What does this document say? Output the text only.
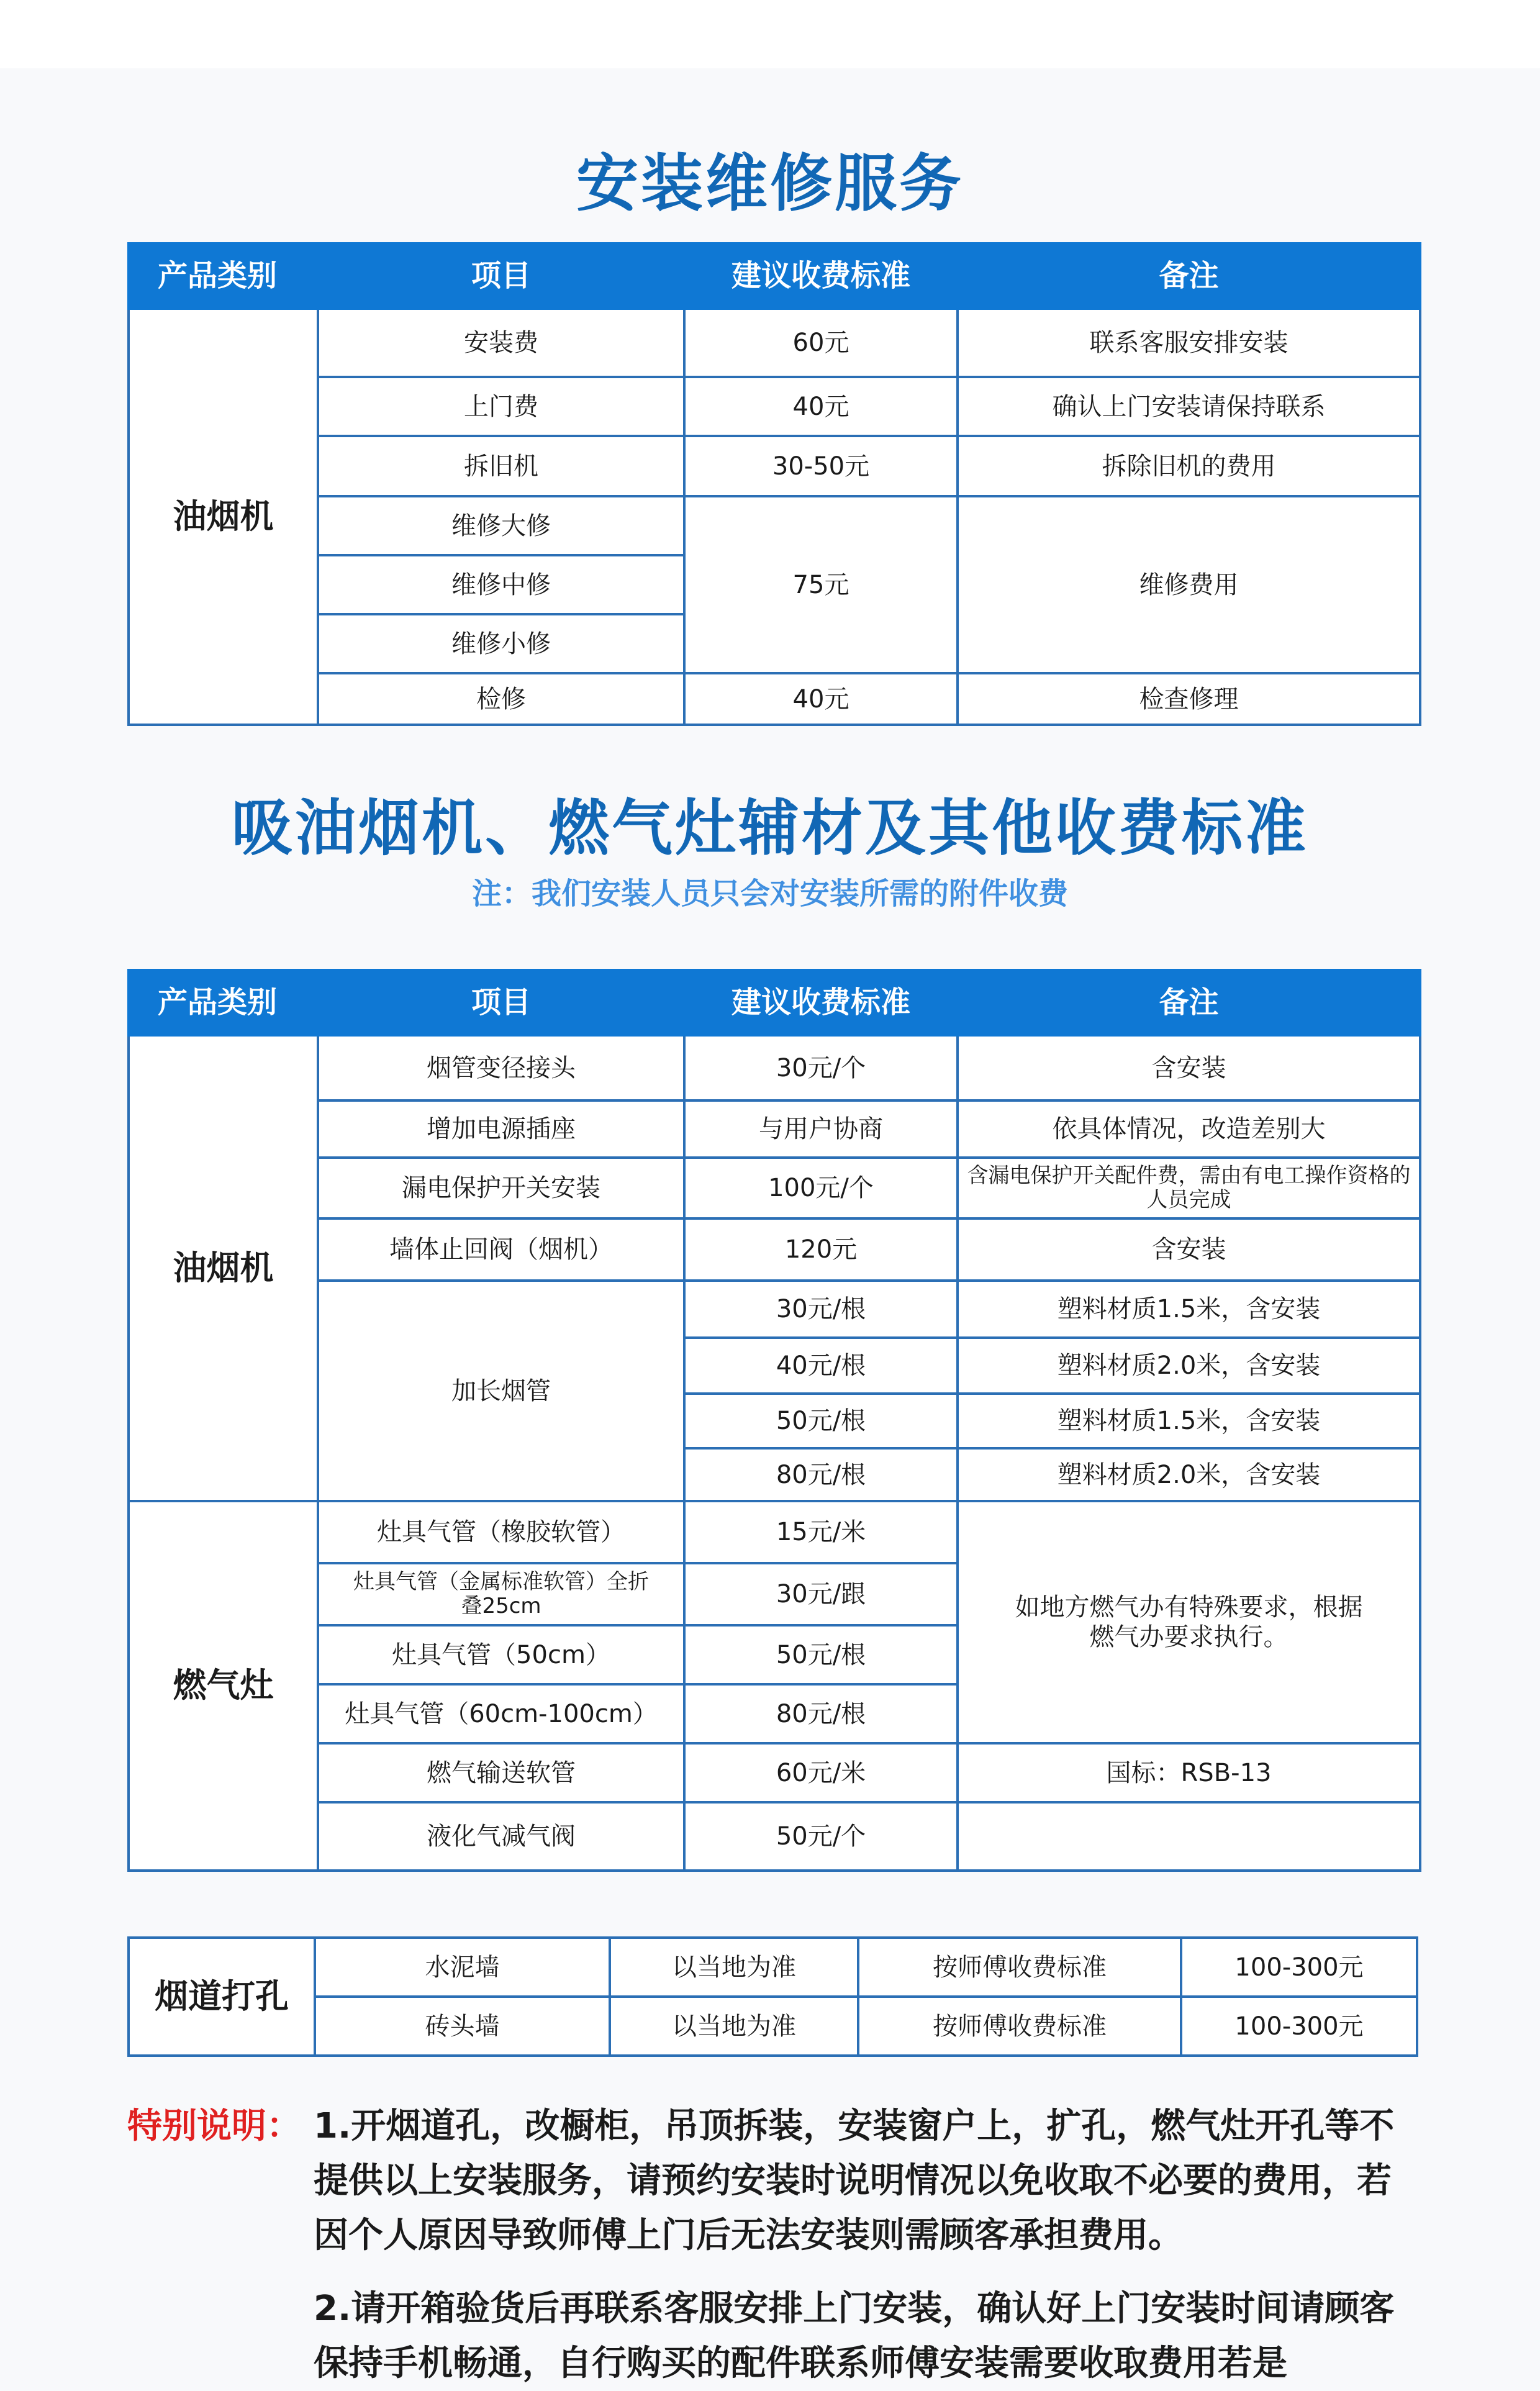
安装维修服务
产品类别	项目	建议收费标准	备注
油烟机	安装费	60元	联系客服安排安装
	上门费	40元	确认上门安装请保持联系
	拆旧机	30-50元	拆除旧机的费用
	维修大修	75元	维修费用
	维修中修		
	维修小修		
	检修	40元	检查修理
吸油烟机、燃气灶辅材及其他收费标准
注：我们安装人员只会对安装所需的附件收费
产品类别	项目	建议收费标准	备注
油烟机	烟管变径接头	30元/个	含安装
	增加电源插座	与用户协商	依具体情况，改造差别大
	漏电保护开关安装	100元/个	含漏电保护开关配件费，需由有电工操作资格的人员完成
	墙体止回阀（烟机）	120元	含安装
	加长烟管	30元/根	塑料材质1.5米，含安装
		40元/根	塑料材质2.0米，含安装
		50元/根	塑料材质1.5米，含安装
		80元/根	塑料材质2.0米，含安装
燃气灶	灶具气管（橡胶软管）	15元/米	如地方燃气办有特殊要求，根据燃气办要求执行。
	灶具气管（金属标准软管）全折叠25cm	30元/跟	
	灶具气管（50cm）	50元/根	
	灶具气管（60cm-100cm）	80元/根	
	燃气输送软管	60元/米	国标：RSB-13
	液化气减气阀	50元/个	
烟道打孔	水泥墙	以当地为准	按师傅收费标准	100-300元
	砖头墙	以当地为准	按师傅收费标准	100-300元
特别说明： 1.开烟道孔，改橱柜，吊顶拆装，安装窗户上，扩孔，燃气灶开孔等不提供以上安装服务，请预约安装时说明情况以免收取不必要的费用，若因个人原因导致师傅上门后无法安装则需顾客承担费用。
2.请开箱验货后再联系客服安排上门安装，确认好上门安装时间请顾客保持手机畅通，自行购买的配件联系师傅安装需要收取费用若是
